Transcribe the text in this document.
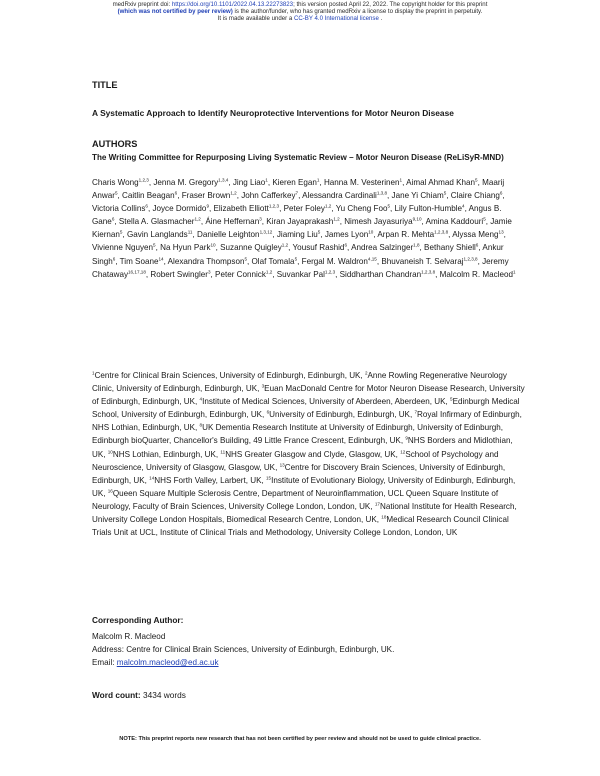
medRxiv preprint doi: https://doi.org/10.1101/2022.04.13.22273823; this version posted April 22, 2022. The copyright holder for this preprint
(which was not certified by peer review) is the author/funder, who has granted medRxiv a license to display the preprint in perpetuity.
It is made available under a CC-BY 4.0 International license .
TITLE
A Systematic Approach to Identify Neuroprotective Interventions for Motor Neuron Disease
AUTHORS
The Writing Committee for Repurposing Living Systematic Review – Motor Neuron Disease (ReLiSyR-MND)
Charis Wong$^{1,2,3}$, Jenna M. Gregory$^{1,3,4}$, Jing Liao$^1$, Kieren Egan$^1$, Hanna M. Vesterinen$^1$, Aimal Ahmad Khan$^5$, Maarij Anwar$^5$, Caitlin Beagan$^6$, Fraser Brown$^{1,2}$, John Cafferkey$^7$, Alessandra Cardinali$^{1,3,8}$, Jane Yi Chiam$^5$, Claire Chiang$^6$, Victoria Collins$^6$, Joyce Dormido$^9$, Elizabeth Elliott$^{1,2,3}$, Peter Foley$^{1,2}$, Yu Cheng Foo$^5$, Lily Fulton-Humble$^4$, Angus B. Gane$^6$, Stella A. Glasmacher$^{1,2}$, Áine Heffernan$^3$, Kiran Jayaprakash$^{1,2}$, Nimesh Jayasuriya$^{9,10}$, Amina Kaddouri$^5$, Jamie Kiernan$^5$, Gavin Langlands$^{11}$, Danielle Leighton$^{1,3,12}$, Jiaming Liu$^5$, James Lyon$^{10}$, Arpan R. Mehta$^{1,2,3,8}$, Alyssa Meng$^{13}$, Vivienne Nguyen$^5$, Na Hyun Park$^{10}$, Suzanne Quigley$^{1,2}$, Yousuf Rashid$^6$, Andrea Salzinger$^{1,8}$, Bethany Shiell$^6$, Ankur Singh$^6$, Tim Soane$^{14}$, Alexandra Thompson$^5$, Olaf Tomala$^5$, Fergal M. Waldron$^{4,15}$, Bhuvaneish T. Selvaraj$^{1,2,3,8}$, Jeremy Chataway$^{16,17,18}$, Robert Swingler$^3$, Peter Connick$^{1,2}$, Suvankar Pal$^{1,2,3}$, Siddharthan Chandran$^{1,2,3,8}$, Malcolm R. Macleod$^1$
$^1$Centre for Clinical Brain Sciences, University of Edinburgh, Edinburgh, UK, $^2$Anne Rowling Regenerative Neurology Clinic, University of Edinburgh, Edinburgh, UK, $^3$Euan MacDonald Centre for Motor Neuron Disease Research, University of Edinburgh, Edinburgh, UK, $^4$Institute of Medical Sciences, University of Aberdeen, Aberdeen, UK, $^5$Edinburgh Medical School, University of Edinburgh, Edinburgh, UK, $^6$University of Edinburgh, Edinburgh, UK, $^7$Royal Infirmary of Edinburgh, NHS Lothian, Edinburgh, UK, $^8$UK Dementia Research Institute at University of Edinburgh, University of Edinburgh, Edinburgh bioQuarter, Chancellor's Building, 49 Little France Crescent, Edinburgh, UK, $^9$NHS Borders and Midlothian, UK, $^{10}$NHS Lothian, Edinburgh, UK, $^{11}$NHS Greater Glasgow and Clyde, Glasgow, UK, $^{12}$School of Psychology and Neuroscience, University of Glasgow, Glasgow, UK, $^{13}$Centre for Discovery Brain Sciences, University of Edinburgh, Edinburgh, UK, $^{14}$NHS Forth Valley, Larbert, UK, $^{15}$Institute of Evolutionary Biology, University of Edinburgh, Edinburgh, UK, $^{16}$Queen Square Multiple Sclerosis Centre, Department of Neuroinflammation, UCL Queen Square Institute of Neurology, Faculty of Brain Sciences, University College London, London, UK, $^{17}$National Institute for Health Research, University College London Hospitals, Biomedical Research Centre, London, UK, $^{18}$Medical Research Council Clinical Trials Unit at UCL, Institute of Clinical Trials and Methodology, University College London, London, UK
Corresponding Author:
Malcolm R. Macleod
Address: Centre for Clinical Brain Sciences, University of Edinburgh, Edinburgh, UK.
Email: malcolm.macleod@ed.ac.uk
Word count: 3434 words
NOTE: This preprint reports new research that has not been certified by peer review and should not be used to guide clinical practice.
